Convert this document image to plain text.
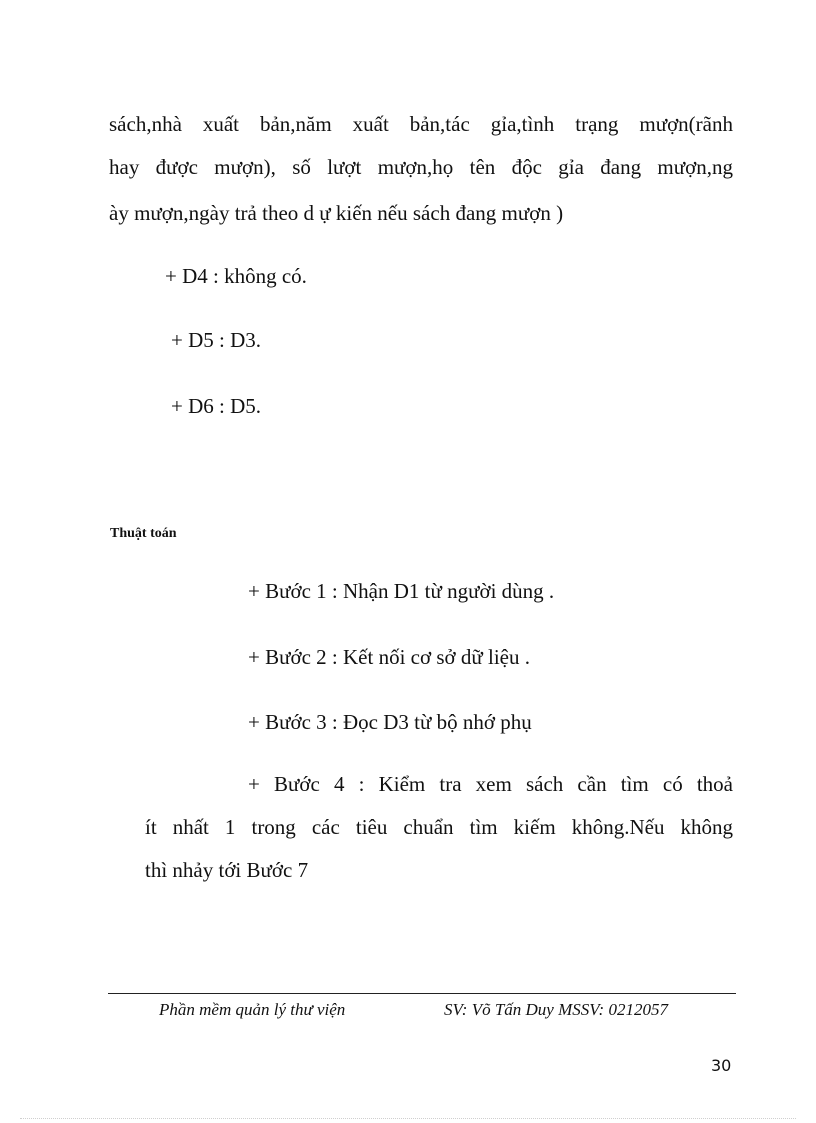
sách,nhà xuất bản,năm xuất bản,tác gỉa,tình trạng mượn(rãnh
hay được mượn), số lượt mượn,họ tên độc gỉa đang mượn,ng
ày mượn,ngày trả theo d ự kiến nếu sách đang mượn )
+ D4 : không có.
+ D5 : D3.
+ D6 : D5.
Thuật toán
+ Bước 1 : Nhận D1 từ người dùng .
+ Bước 2 : Kết nối cơ sở dữ liệu .
+ Bước 3 : Đọc D3 từ bộ nhớ phụ
+ Bước 4 : Kiểm tra xem sách cần tìm có thoả
ít nhất 1 trong các tiêu chuẩn tìm kiếm không.Nếu không
thì nhảy tới Bước 7
Phần mềm quản lý thư viện	SV: Võ Tấn Duy MSSV: 0212057
30
